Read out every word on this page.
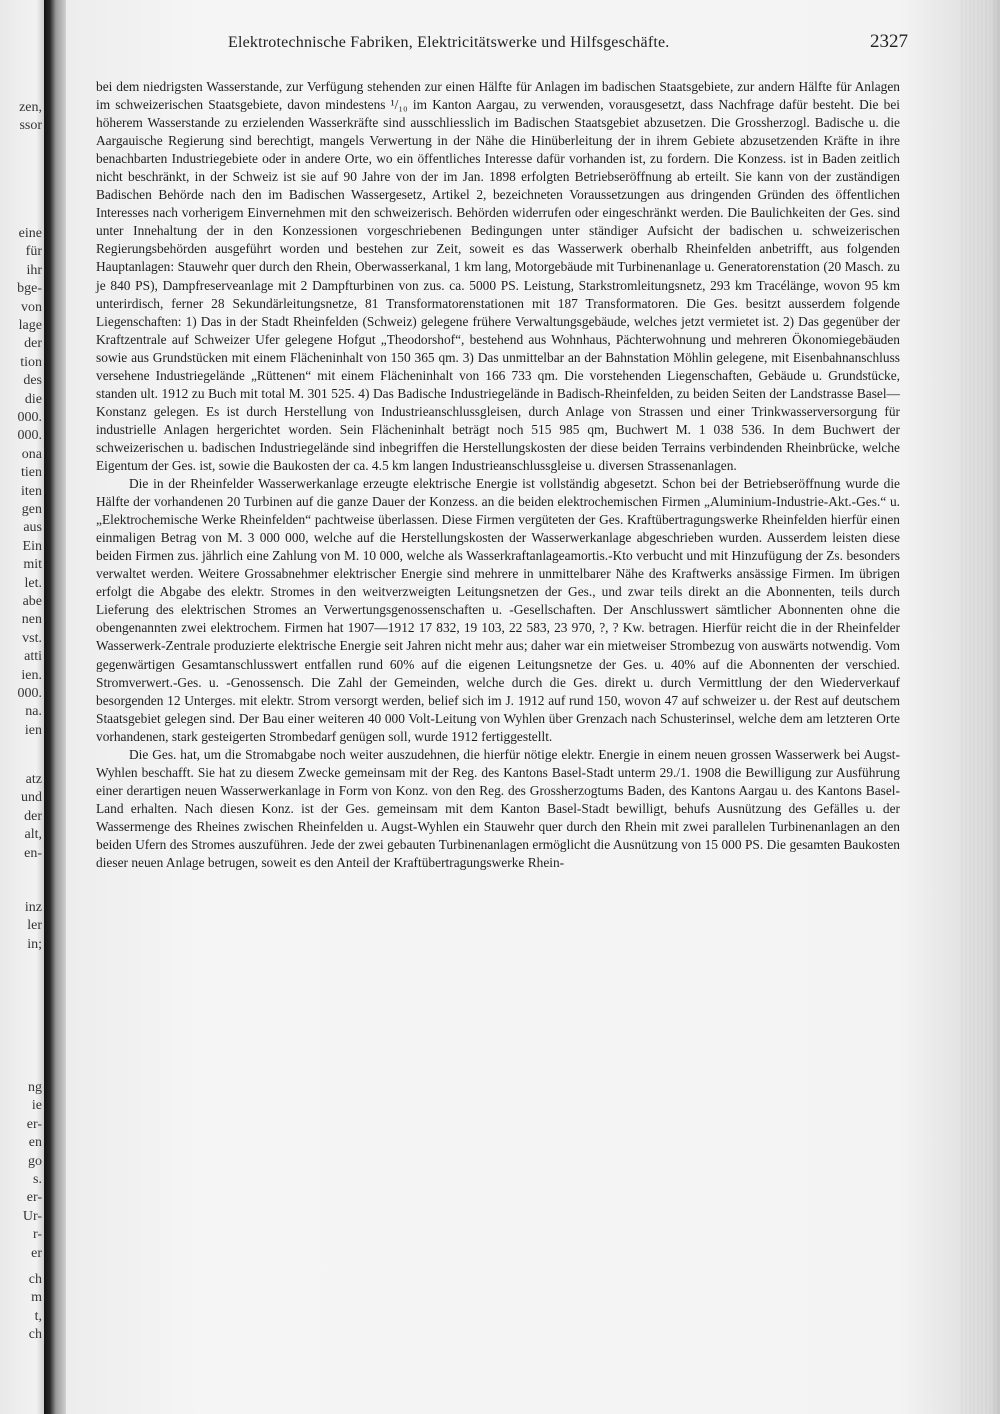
zen,
ssor
eine
für
ihr
bge-
von
lage
der
tion
des
die
000.
000.
ona
tien
iten
gen
aus
Ein
mit
let.
abe
nen
vst.
atti
ien.
000.
na.
ien
atz
und
der
alt,
en-
inz
ler
in;
ng
ie
er-
en
go
s.
er-
Ur-
r-
er
ch
m
t,
ch
Elektrotechnische Fabriken, Elektricitätswerke und Hilfsgeschäfte.	2327

bei dem niedrigsten Wasserstande, zur Verfügung stehenden zur einen Hälfte für Anlagen im badischen Staatsgebiete, zur andern Hälfte für Anlagen im schweizerischen Staatsgebiete, davon mindestens ¹/₁₀ im Kanton Aargau, zu verwenden, vorausgesetzt, dass Nachfrage dafür besteht. Die bei höherem Wasserstande zu erzielenden Wasserkräfte sind ausschliesslich im Badischen Staatsgebiet abzusetzen. Die Grossherzogl. Badische u. die Aargauische Regierung sind berechtigt, mangels Verwertung in der Nähe die Hinüberleitung der in ihrem Gebiete abzusetzenden Kräfte in ihre benachbarten Industriegebiete oder in andere Orte, wo ein öffentliches Interesse dafür vorhanden ist, zu fordern. Die Konzess. ist in Baden zeitlich nicht beschränkt, in der Schweiz ist sie auf 90 Jahre von der im Jan. 1898 erfolgten Betriebseröffnung ab erteilt. Sie kann von der zuständigen Badischen Behörde nach den im Badischen Wassergesetz, Artikel 2, bezeichneten Voraussetzungen aus dringenden Gründen des öffentlichen Interesses nach vorherigem Einvernehmen mit den schweizerisch. Behörden widerrufen oder eingeschränkt werden. Die Baulichkeiten der Ges. sind unter Innehaltung der in den Konzessionen vorgeschriebenen Bedingungen unter ständiger Aufsicht der badischen u. schweizerischen Regierungsbehörden ausgeführt worden und bestehen zur Zeit, soweit es das Wasserwerk oberhalb Rheinfelden anbetrifft, aus folgenden Hauptanlagen: Stauwehr quer durch den Rhein, Oberwasserkanal, 1 km lang, Motorgebäude mit Turbinenanlage u. Generatorenstation (20 Masch. zu je 840 PS), Dampfreserveanlage mit 2 Dampfturbinen von zus. ca. 5000 PS. Leistung, Starkstromleitungsnetz, 293 km Tracélänge, wovon 95 km unterirdisch, ferner 28 Sekundärleitungsnetze, 81 Transformatorenstationen mit 187 Transformatoren. Die Ges. besitzt ausserdem folgende Liegenschaften: 1) Das in der Stadt Rheinfelden (Schweiz) gelegene frühere Verwaltungsgebäude, welches jetzt vermietet ist. 2) Das gegenüber der Kraftzentrale auf Schweizer Ufer gelegene Hofgut „Theodorshof“, bestehend aus Wohnhaus, Pächterwohnung und mehreren Ökonomiegebäuden sowie aus Grundstücken mit einem Flächeninhalt von 150 365 qm. 3) Das unmittelbar an der Bahnstation Möhlin gelegene, mit Eisenbahnanschluss versehene Industriegelände „Rüttenen“ mit einem Flächeninhalt von 166 733 qm. Die vorstehenden Liegenschaften, Gebäude u. Grundstücke, standen ult. 1912 zu Buch mit total M. 301 525. 4) Das Badische Industriegelände in Badisch-Rheinfelden, zu beiden Seiten der Landstrasse Basel—Konstanz gelegen. Es ist durch Herstellung von Industrieanschlussgleisen, durch Anlage von Strassen und einer Trinkwasserversorgung für industrielle Anlagen hergerichtet worden. Sein Flächeninhalt beträgt noch 515 985 qm, Buchwert M. 1 038 536. In dem Buchwert der schweizerischen u. badischen Industriegelände sind inbegriffen die Herstellungskosten der diese beiden Terrains verbindenden Rheinbrücke, welche Eigentum der Ges. ist, sowie die Baukosten der ca. 4.5 km langen Industrieanschlussgleise u. diversen Strassenanlagen.

Die in der Rheinfelder Wasserwerkanlage erzeugte elektrische Energie ist vollständig abgesetzt. Schon bei der Betriebseröffnung wurde die Hälfte der vorhandenen 20 Turbinen auf die ganze Dauer der Konzess. an die beiden elektrochemischen Firmen „Aluminium-Industrie-Akt.-Ges.“ u. „Elektrochemische Werke Rheinfelden“ pachtweise überlassen. Diese Firmen vergüteten der Ges. Kraftübertragungswerke Rheinfelden hierfür einen einmaligen Betrag von M. 3 000 000, welche auf die Herstellungskosten der Wasserwerkanlage abgeschrieben wurden. Ausserdem leisten diese beiden Firmen zus. jährlich eine Zahlung von M. 10 000, welche als Wasserkraftanlageamortis.-Kto verbucht und mit Hinzufügung der Zs. besonders verwaltet werden. Weitere Grossabnehmer elektrischer Energie sind mehrere in unmittelbarer Nähe des Kraftwerks ansässige Firmen. Im übrigen erfolgt die Abgabe des elektr. Stromes in den weitverzweigten Leitungsnetzen der Ges., und zwar teils direkt an die Abonnenten, teils durch Lieferung des elektrischen Stromes an Verwertungsgenossenschaften u. -Gesellschaften. Der Anschlusswert sämtlicher Abonnenten ohne die obengenannten zwei elektrochem. Firmen hat 1907—1912 17 832, 19 103, 22 583, 23 970, ?, ? Kw. betragen. Hierfür reicht die in der Rheinfelder Wasserwerk-Zentrale produzierte elektrische Energie seit Jahren nicht mehr aus; daher war ein mietweiser Strombezug von auswärts notwendig. Vom gegenwärtigen Gesamtanschlusswert entfallen rund 60% auf die eigenen Leitungsnetze der Ges. u. 40% auf die Abonnenten der verschied. Stromverwert.-Ges. u. -Genossensch. Die Zahl der Gemeinden, welche durch die Ges. direkt u. durch Vermittlung der den Wiederverkauf besorgenden 12 Unterges. mit elektr. Strom versorgt werden, belief sich im J. 1912 auf rund 150, wovon 47 auf schweizer u. der Rest auf deutschem Staatsgebiet gelegen sind. Der Bau einer weiteren 40 000 Volt-Leitung von Wyhlen über Grenzach nach Schusterinsel, welche dem am letzteren Orte vorhandenen, stark gesteigerten Strombedarf genügen soll, wurde 1912 fertiggestellt.

Die Ges. hat, um die Stromabgabe noch weiter auszudehnen, die hierfür nötige elektr. Energie in einem neuen grossen Wasserwerk bei Augst-Wyhlen beschafft. Sie hat zu diesem Zwecke gemeinsam mit der Reg. des Kantons Basel-Stadt unterm 29./1. 1908 die Bewilligung zur Ausführung einer derartigen neuen Wasserwerkanlage in Form von Konz. von den Reg. des Grossherzogtums Baden, des Kantons Aargau u. des Kantons Basel-Land erhalten. Nach diesen Konz. ist der Ges. gemeinsam mit dem Kanton Basel-Stadt bewilligt, behufs Ausnützung des Gefälles u. der Wassermenge des Rheines zwischen Rheinfelden u. Augst-Wyhlen ein Stauwehr quer durch den Rhein mit zwei parallelen Turbinenanlagen an den beiden Ufern des Stromes auszuführen. Jede der zwei gebauten Turbinenanlagen ermöglicht die Ausnützung von 15 000 PS. Die gesamten Baukosten dieser neuen Anlage betrugen, soweit es den Anteil der Kraftübertragungswerke Rhein-
